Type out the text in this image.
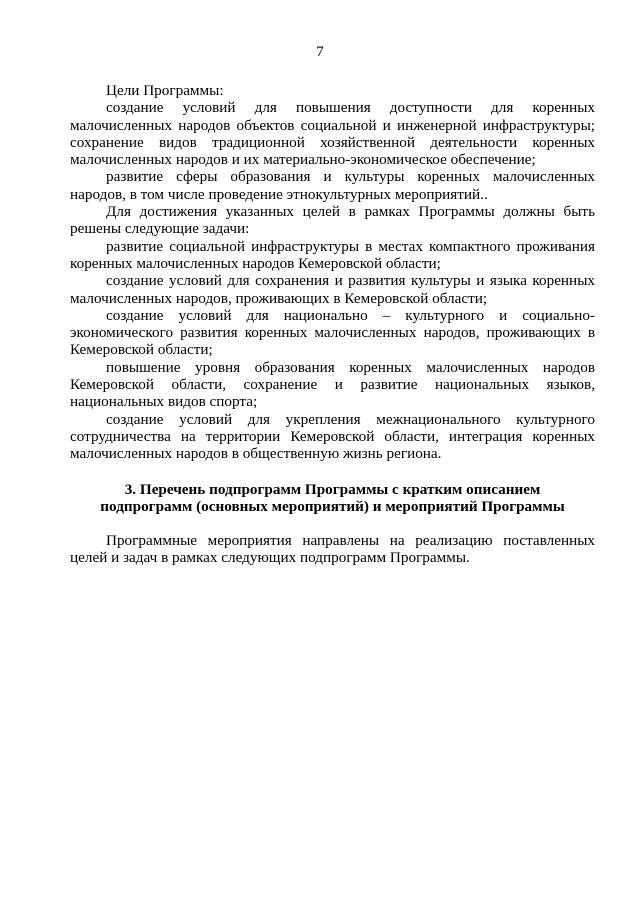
7

Цели Программы:

создание условий для повышения доступности для коренных малочисленных народов объектов социальной и инженерной инфраструктуры; сохранение видов традиционной хозяйственной деятельности коренных малочисленных народов и их материально-экономическое обеспечение;

развитие сферы образования и культуры коренных малочисленных народов, в том числе проведение этнокультурных мероприятий..

Для достижения указанных целей в рамках Программы должны быть решены следующие задачи:

развитие социальной инфраструктуры в местах компактного проживания коренных малочисленных народов Кемеровской области;

создание условий для сохранения и развития культуры и языка коренных малочисленных народов, проживающих в Кемеровской области;

создание условий для национально – культурного и социально-экономического развития коренных малочисленных народов, проживающих в Кемеровской области;

повышение уровня образования коренных малочисленных народов Кемеровской области, сохранение и развитие национальных языков, национальных видов спорта;

создание условий для укрепления межнационального культурного сотрудничества на территории Кемеровской области, интеграция коренных малочисленных народов в общественную жизнь региона.

3. Перечень подпрограмм Программы с кратким описанием
подпрограмм (основных мероприятий) и мероприятий Программы

Программные мероприятия направлены на реализацию поставленных целей и задач в рамках следующих подпрограмм Программы.
